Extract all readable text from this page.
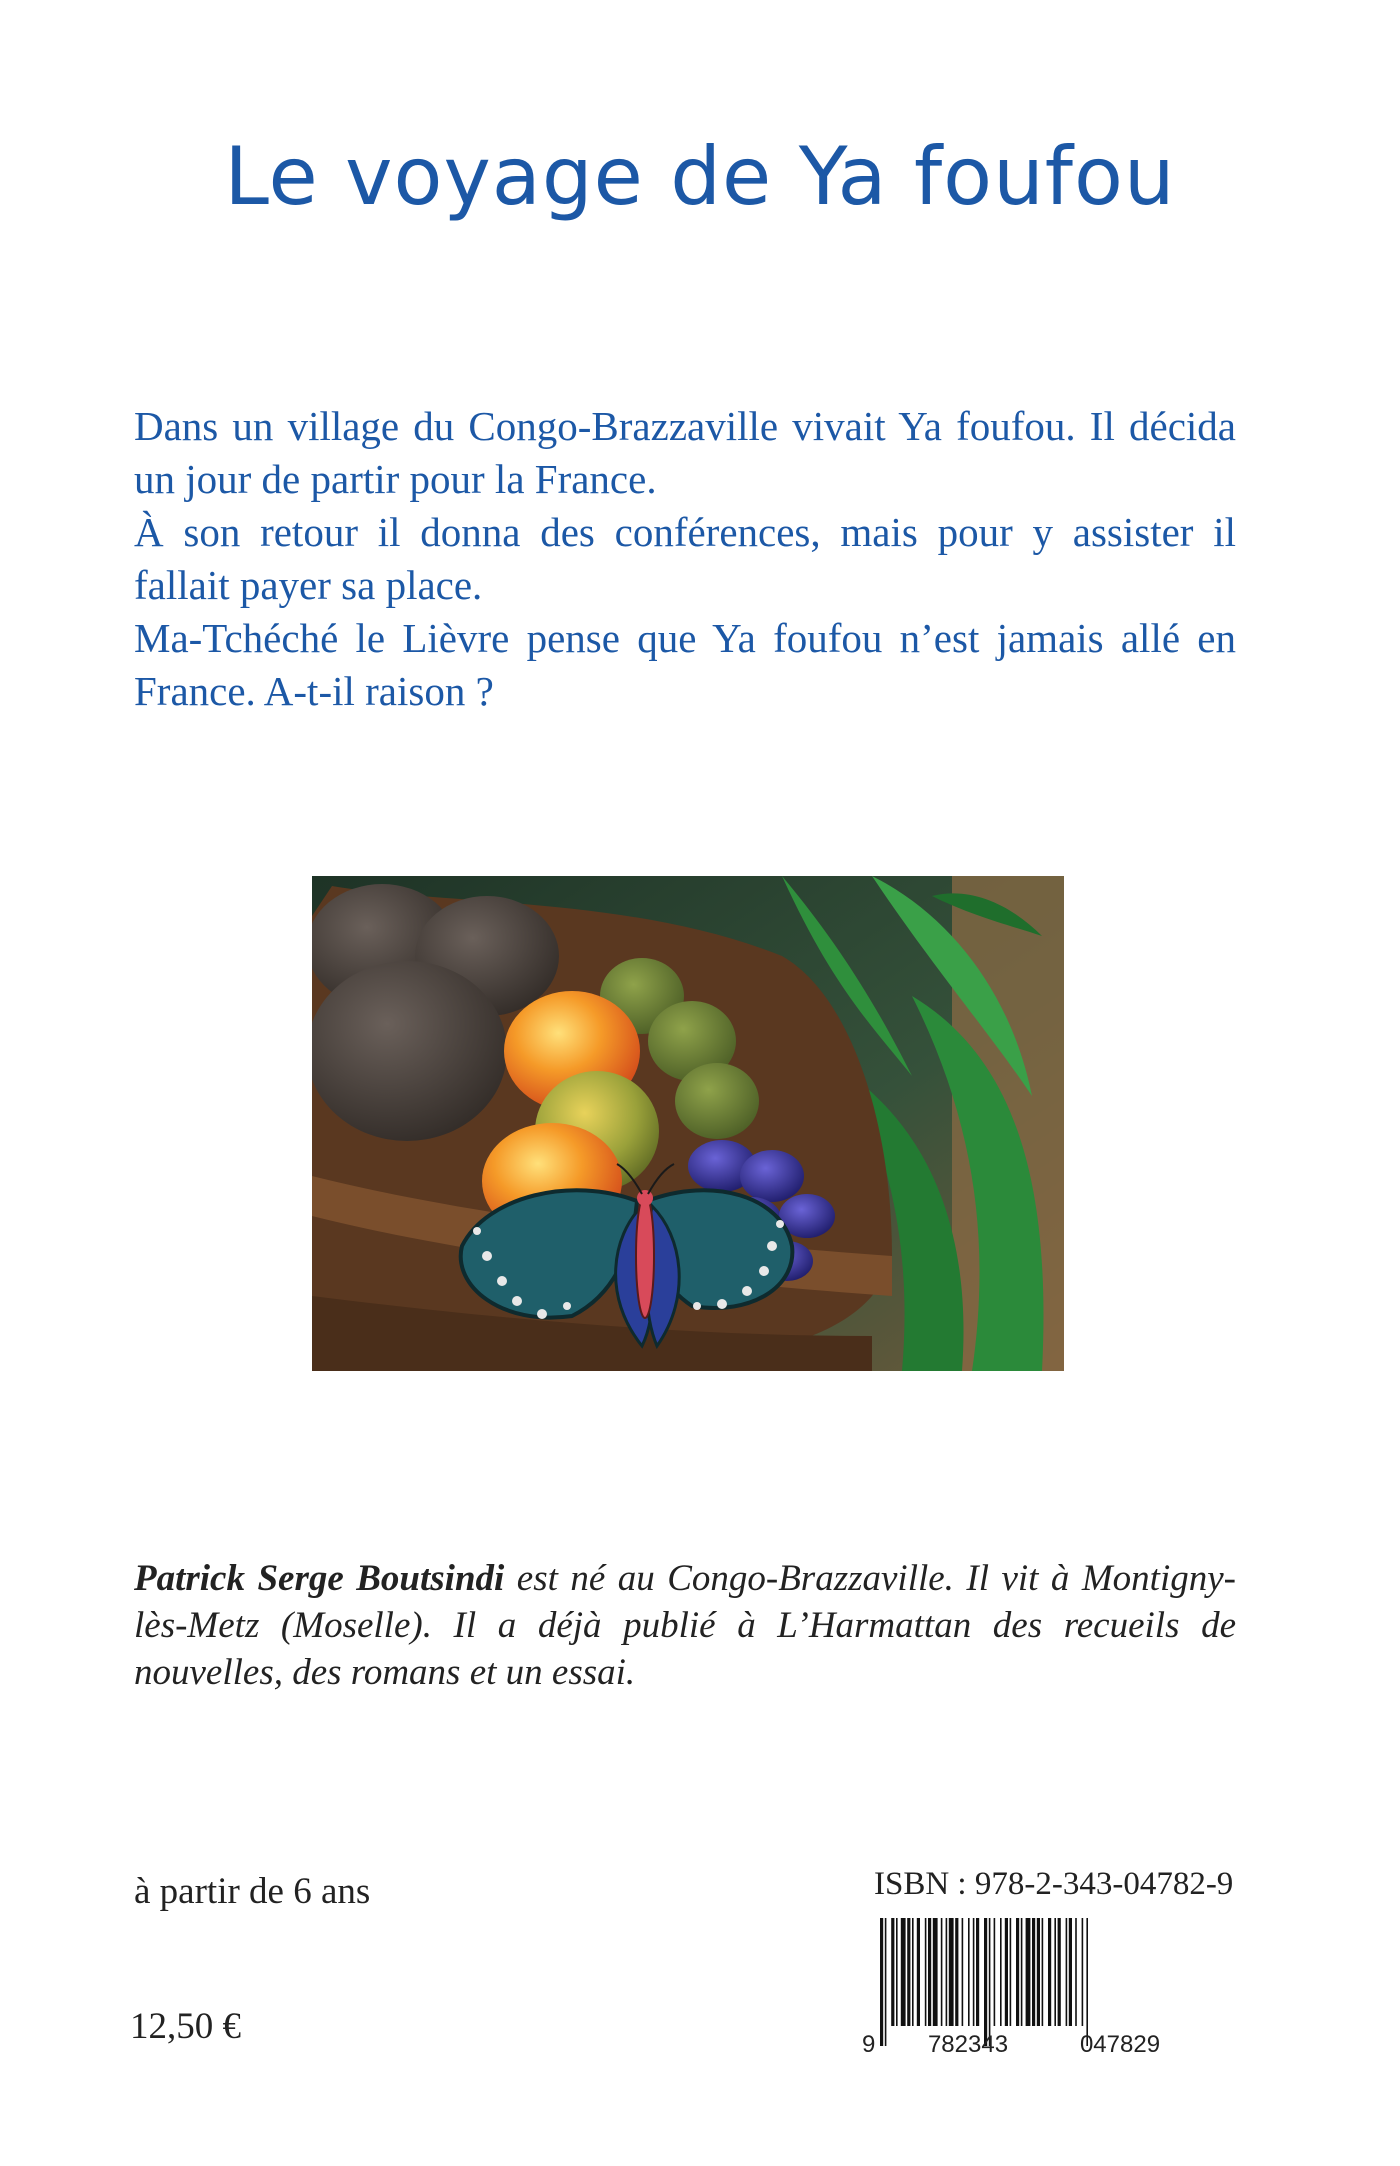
Le voyage de Ya foufou

Dans un village du Congo-Brazzaville vivait Ya foufou. Il décida un jour de partir pour la France.

À son retour il donna des conférences, mais pour y assister il fallait payer sa place.

Ma-Tchéché le Lièvre pense que Ya foufou n’est jamais allé en France. A-t-il raison ?

Patrick Serge Boutsindi est né au Congo-Brazzaville. Il vit à Montigny-lès-Metz (Moselle). Il a déjà publié à L’Harmattan des recueils de nouvelles, des romans et un essai.
à partir de 6 ans
12,50 €
ISBN : 978-2-343-04782-9
9 782343	047829
